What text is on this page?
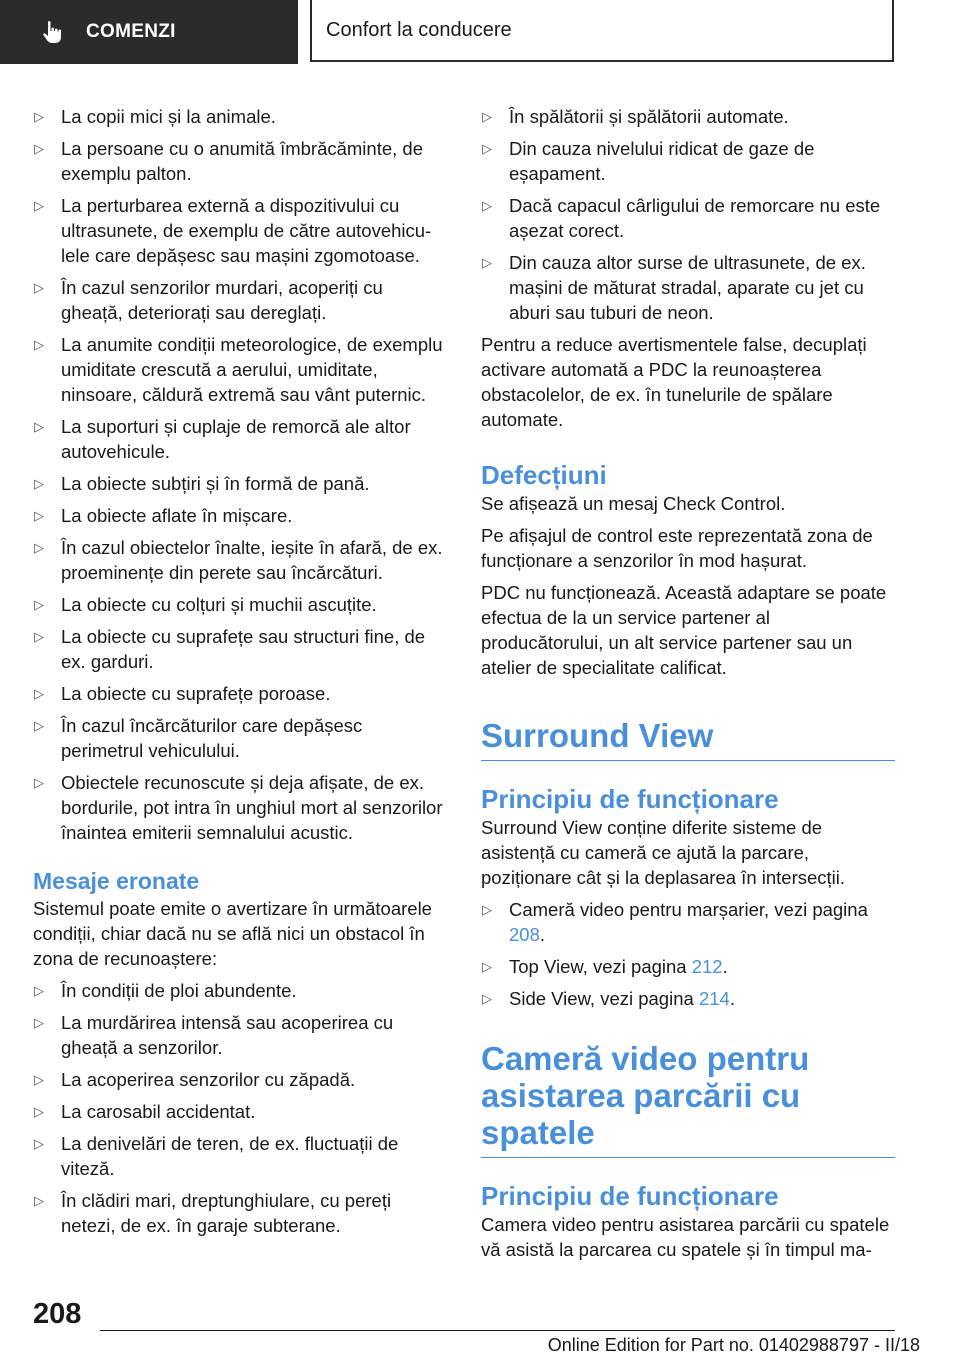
COMENZI	Confort la conducere
▷ La copii mici și la animale.
▷ La persoane cu o anumită îmbrăcăminte, de exemplu palton.
▷ La perturbarea externă a dispozitivului cu ultrasunete, de exemplu de către autovehiculele care depășesc sau mașini zgomotoase.
▷ În cazul senzorilor murdari, acoperiți cu gheață, deteriorați sau dereglați.
▷ La anumite condiții meteorologice, de exemplu umiditate crescută a aerului, umiditate, ninsoare, căldură extremă sau vânt puternic.
▷ La suporturi și cuplaje de remorcă ale altor autovehicule.
▷ La obiecte subțiri și în formă de pană.
▷ La obiecte aflate în mișcare.
▷ În cazul obiectelor înalte, ieșite în afară, de ex. proeminențe din perete sau încărcături.
▷ La obiecte cu colțuri și muchii ascuțite.
▷ La obiecte cu suprafețe sau structuri fine, de ex. garduri.
▷ La obiecte cu suprafețe poroase.
▷ În cazul încărcăturilor care depășesc perimetrul vehiculului.
▷ Obiectele recunoscute și deja afișate, de ex. bordurile, pot intra în unghiul mort al senzorilor înaintea emiterii semnalului acustic.
Mesaje eronate

Sistemul poate emite o avertizare în următoarele condiții, chiar dacă nu se află nici un obstacol în zona de recunoaștere:

▷ În condiții de ploi abundente.
▷ La murdărirea intensă sau acoperirea cu gheață a senzorilor.
▷ La acoperirea senzorilor cu zăpadă.
▷ La carosabil accidentat.
▷ La denivelări de teren, de ex. fluctuații de viteză.
▷ În clădiri mari, dreptunghiulare, cu pereți netezi, de ex. în garaje subterane.
▷ În spălătorii și spălătorii automate.
▷ Din cauza nivelului ridicat de gaze de eșapament.
▷ Dacă capacul cârligului de remorcare nu este așezat corect.
▷ Din cauza altor surse de ultrasunete, de ex. mașini de măturat stradal, aparate cu jet cu aburi sau tuburi de neon.

Pentru a reduce avertismentele false, decuplați activare automată a PDC la reunoașterea obstacolelor, de ex. în tunelurile de spălare automate.

Defecțiuni

Se afișează un mesaj Check Control.

Pe afișajul de control este reprezentată zona de funcționare a senzorilor în mod hașurat.

PDC nu funcționează. Această adaptare se poate efectua de la un service partener al producătorului, un alt service partener sau un atelier de specialitate calificat.

Surround View
Principiu de funcționare

Surround View conține diferite sisteme de asistență cu cameră ce ajută la parcare, poziționare cât și la deplasarea în intersecții.

▷ Cameră video pentru marșarier, vezi pagina 208.
▷ Top View, vezi pagina 212.
▷ Side View, vezi pagina 214.
Cameră video pentru asistarea parcării cu spatele
Principiu de funcționare

Camera video pentru asistarea parcării cu spatele vă asistă la parcarea cu spatele și în timpul ma-

208
Online Edition for Part no. 01402988797 - II/18
